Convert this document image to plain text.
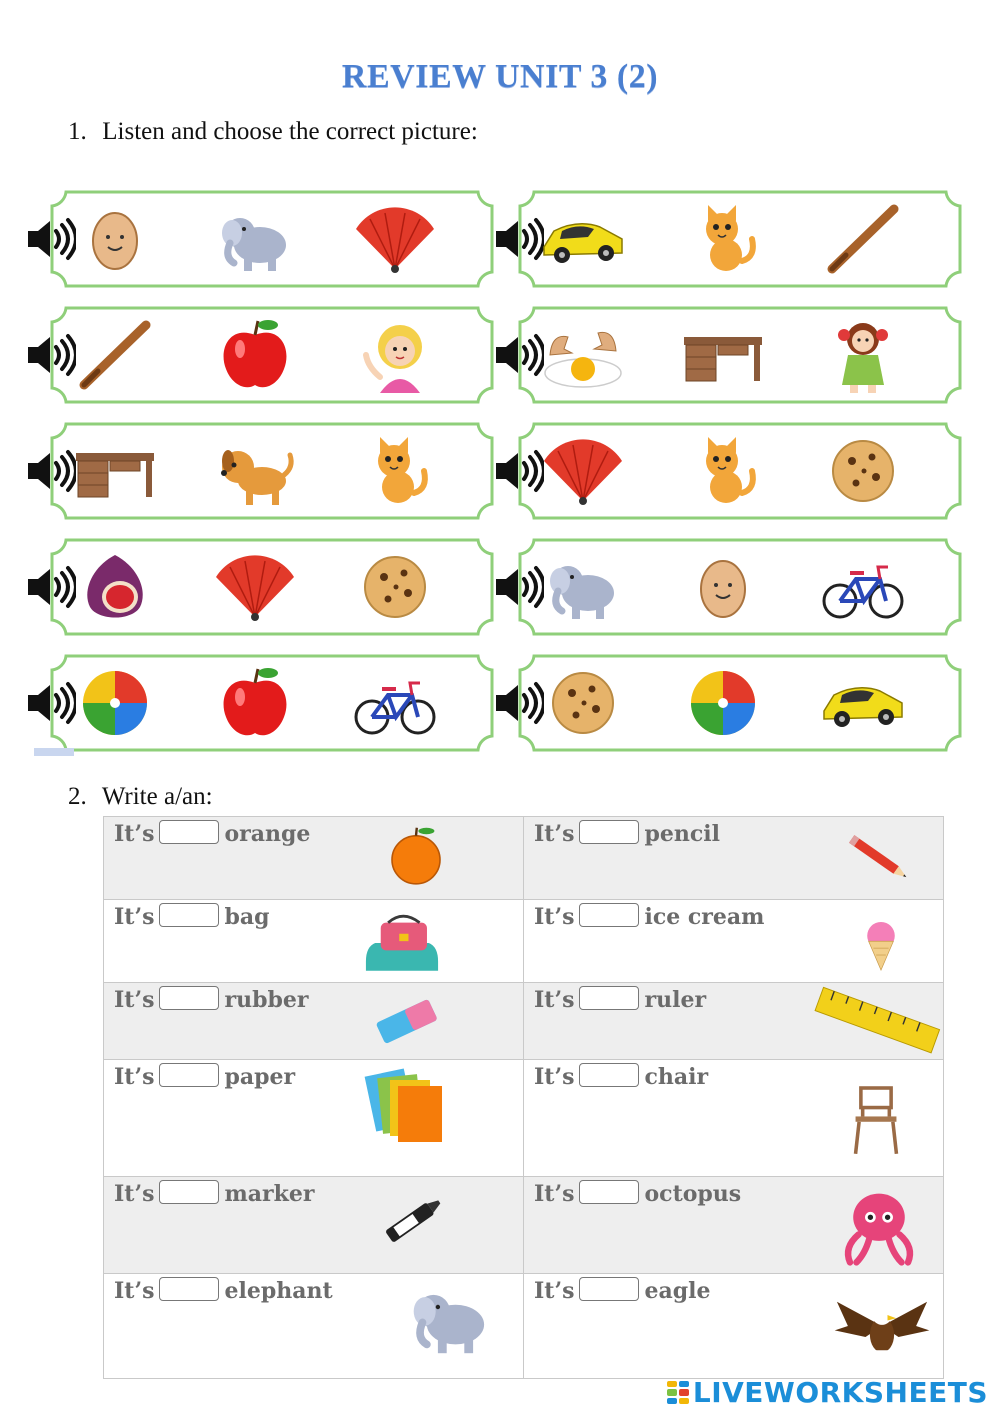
REVIEW UNIT 3 (2)
1. Listen and choose the correct picture:
2. Write a/an:
It’s orange	It’s pencil

It’s bag	It’s ice cream

It’s rubber	It’s ruler

It’s paper	It’s chair

It’s marker	It’s octopus

It’s elephant	It’s eagle
LIVEWORKSHEETS
